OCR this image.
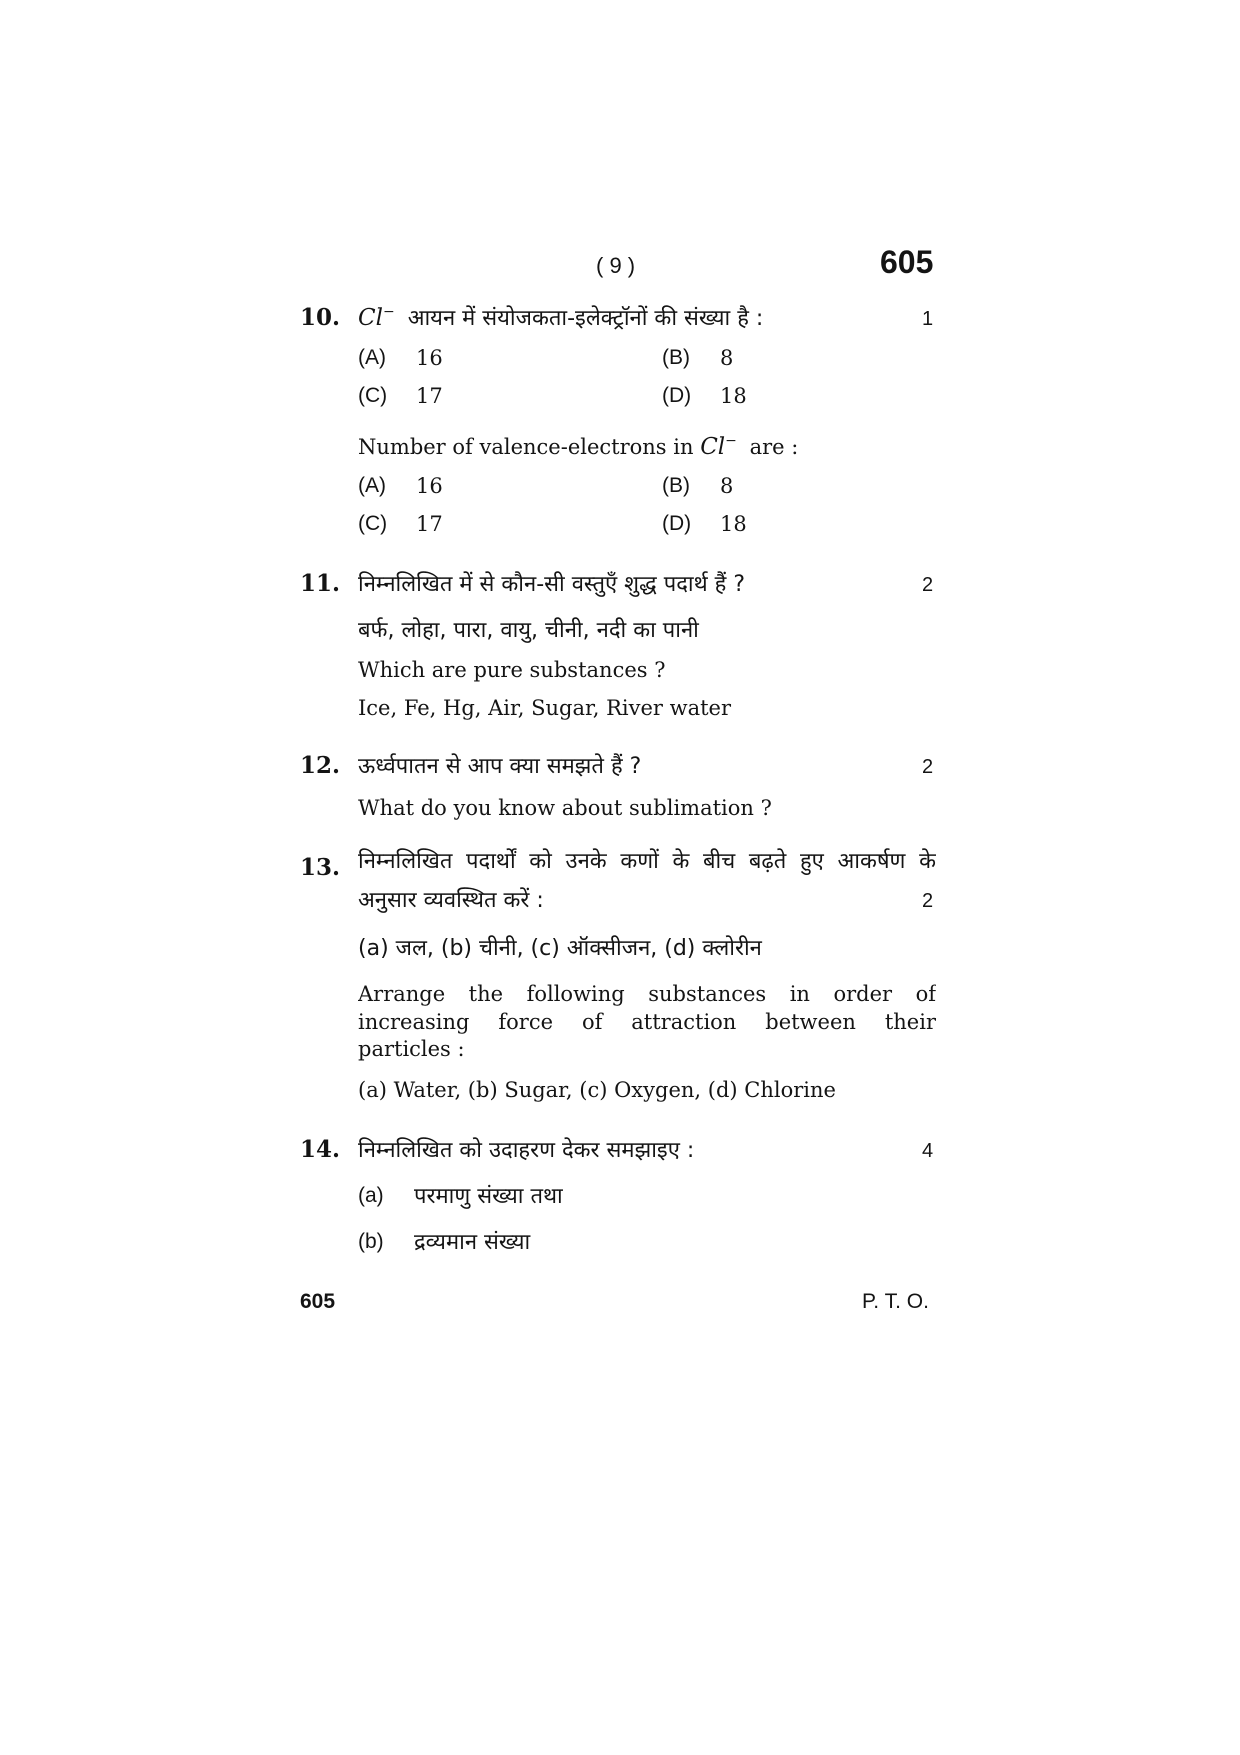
( 9 )	605
10. Cl− आयन में संयोजकता-इलेक्ट्रॉनों की संख्या है :	1
(A) 16	(B) 8
(C) 17	(D) 18
Number of valence-electrons in Cl− are :
(A) 16	(B) 8
(C) 17	(D) 18
11. निम्नलिखित में से कौन-सी वस्तुएँ शुद्ध पदार्थ हैं ?	2
बर्फ, लोहा, पारा, वायु, चीनी, नदी का पानी
Which are pure substances ?
Ice, Fe, Hg, Air, Sugar, River water
12. ऊर्ध्वपातन से आप क्या समझते हैं ?	2
What do you know about sublimation ?
13. निम्नलिखित पदार्थों को उनके कणों के बीच बढ़ते हुए आकर्षण के
अनुसार व्यवस्थित करें :	2
(a) जल, (b) चीनी, (c) ऑक्सीजन, (d) क्लोरीन
Arrange the following substances in order of
increasing force of attraction between their
particles :
(a) Water, (b) Sugar, (c) Oxygen, (d) Chlorine
14. निम्नलिखित को उदाहरण देकर समझाइए :	4
(a) परमाणु संख्या तथा
(b) द्रव्यमान संख्या
605	P. T. O.
